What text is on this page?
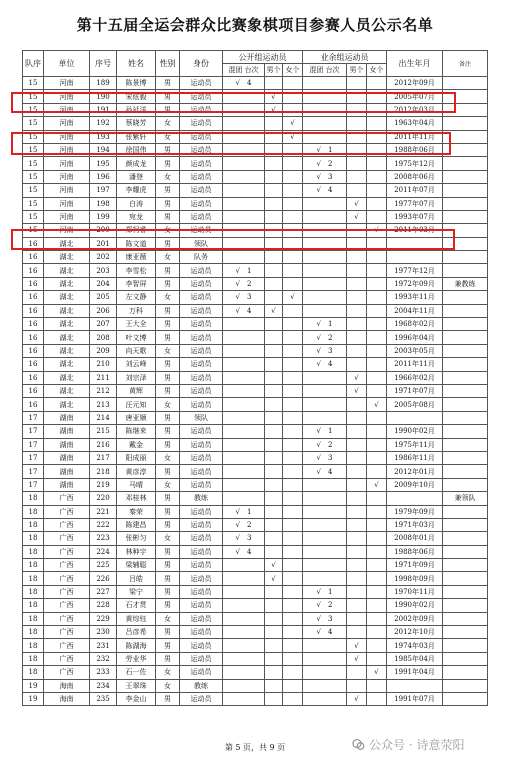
第十五届全运会群众比赛象棋项目参赛人员公示名单
队序	单位	序号	姓名	性别	身份	公开组运动员			业余组运动员			出生年月	备注
						混团 台次	男个	女个	混团 台次	男个	女个		
15	河南	189	陈景博	男	运动员	√ 4						2012年09月	
15	河南	190	宋炫毅	男	运动员		√					2005年07月	
15	河南	191	孙延洋	男	运动员		√					2012年03月	
15	河南	192	蔡晓芳	女	运动员			√				1963年04月	
15	河南	193	张紫轩	女	运动员			√				2011年11月	
15	河南	194	徐国伟	男	运动员				√ 1			1988年06月	
15	河南	195	颜成龙	男	运动员				√ 2			1975年12月	
15	河南	196	潘登	女	运动员				√ 3			2008年06月	
15	河南	197	李耀虎	男	运动员				√ 4			2011年07月	
15	河南	198	白涛	男	运动员					√		1977年07月	
15	河南	199	宛龙	男	运动员					√		1993年07月	
15	河南	200	郑柯睿	女	运动员						√	2011年03月	
16	湖北	201	陈文道	男	领队								
16	湖北	202	康亚薇	女	队务								
16	湖北	203	李雪松	男	运动员	√ 1						1977年12月	
16	湖北	204	李智屏	男	运动员	√ 2						1972年09月	兼教练
16	湖北	205	左文静	女	运动员	√ 3		√				1993年11月	
16	湖北	206	万科	男	运动员	√ 4	√					2004年11月	
16	湖北	207	王大全	男	运动员				√ 1			1968年02月	
16	湖北	208	叶文博	男	运动员				√ 2			1996年04月	
16	湖北	209	向天歌	女	运动员				√ 3			2003年05月	
16	湖北	210	刘云峰	男	运动员				√ 4			2011年11月	
16	湖北	211	刘宗泽	男	运动员					√		1966年02月	
16	湖北	212	黄辉	男	运动员					√		1971年07月	
16	湖北	213	汪元知	女	运动员						√	2005年08月	
17	湖南	214	唐亚顺	男	领队								
17	湖南	215	陈继来	男	运动员				√ 1			1990年02月	
17	湖南	216	戴金	男	运动员				√ 2			1975年11月	
17	湖南	217	阳成丽	女	运动员				√ 3			1986年11月	
17	湖南	218	黄彦淳	男	运动员				√ 4			2012年01月	
17	湖南	219	马晴	女	运动员						√	2009年10月	
18	广西	220	邓桂林	男	教练								兼领队
18	广西	221	秦荣	男	运动员	√ 1						1979年09月	
18	广西	222	陈建昌	男	运动员	√ 2						1971年03月	
18	广西	223	张彬匀	女	运动员	√ 3						2008年01月	
18	广西	224	林种宇	男	运动员	√ 4						1988年06月	
18	广西	225	梁辅聪	男	运动员		√					1971年09月	
18	广西	226	吕皓	男	运动员		√					1998年09月	
18	广西	227	梁宁	男	运动员				√ 1			1970年11月	
18	广西	228	石才贯	男	运动员				√ 2			1990年02月	
18	广西	229	黄综钰	女	运动员				√ 3			2002年09月	
18	广西	230	吕彦希	男	运动员				√ 4			2012年10月	
18	广西	231	陈湖海	男	运动员					√		1974年03月	
18	广西	232	劳业华	男	运动员					√		1985年04月	
18	广西	233	石一佐	女	运动员						√	1991年04月	
19	海南	234	王翠珠	女	教练								
19	海南	235	李金山	男	运动员					√		1991年07月	
第 5 页，共 9 页	公众号 · 诗意荥阳
